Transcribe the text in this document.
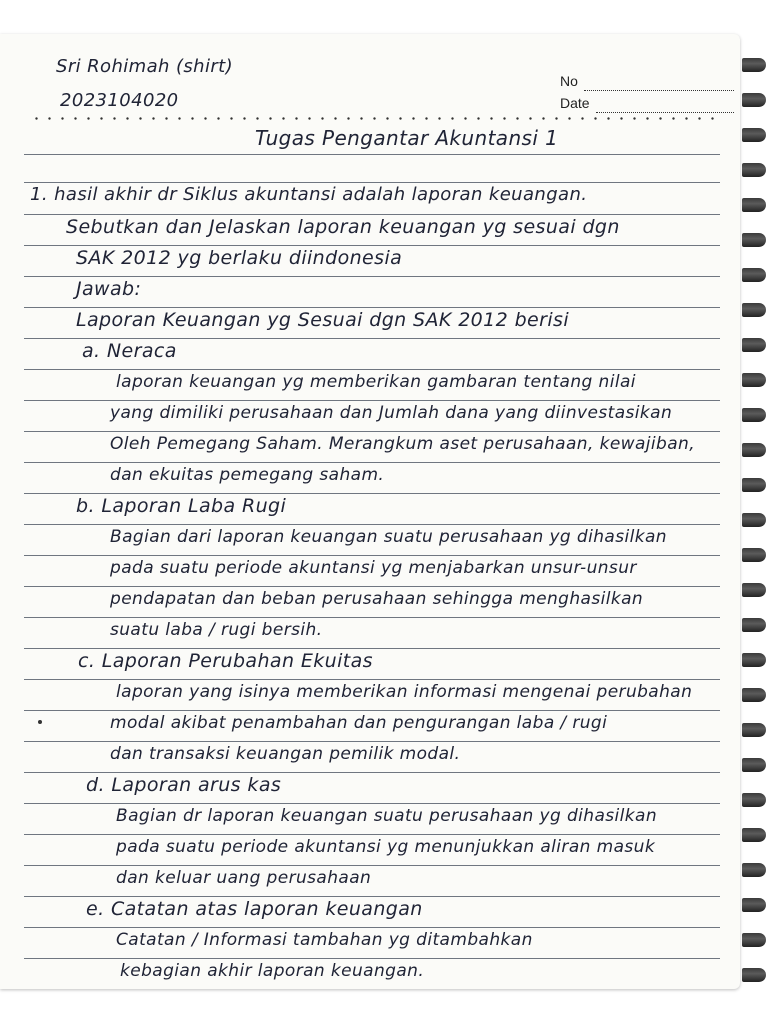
Sri Rohimah (shirt)
2023104020
No
Date
Tugas Pengantar Akuntansi 1
1. hasil akhir dr Siklus akuntansi adalah laporan keuangan.
Sebutkan dan Jelaskan laporan keuangan yg sesuai dgn
SAK 2012 yg berlaku diindonesia
Jawab:
Laporan Keuangan yg Sesuai dgn SAK 2012 berisi
a. Neraca
laporan keuangan yg memberikan gambaran tentang nilai
yang dimiliki perusahaan dan Jumlah dana yang diinvestasikan
Oleh Pemegang Saham. Merangkum aset perusahaan, kewajiban,
dan ekuitas pemegang saham.
b. Laporan Laba Rugi
Bagian dari laporan keuangan suatu perusahaan yg dihasilkan
pada suatu periode akuntansi yg menjabarkan unsur-unsur
pendapatan dan beban perusahaan sehingga menghasilkan
suatu laba / rugi bersih.
c. Laporan Perubahan Ekuitas
laporan yang isinya memberikan informasi mengenai perubahan
modal akibat penambahan dan pengurangan laba / rugi
dan transaksi keuangan pemilik modal.
d. Laporan arus kas
Bagian dr laporan keuangan suatu perusahaan yg dihasilkan
pada suatu periode akuntansi yg menunjukkan aliran masuk
dan keluar uang perusahaan
e. Catatan atas laporan keuangan
Catatan / Informasi tambahan yg ditambahkan
kebagian akhir laporan keuangan.
